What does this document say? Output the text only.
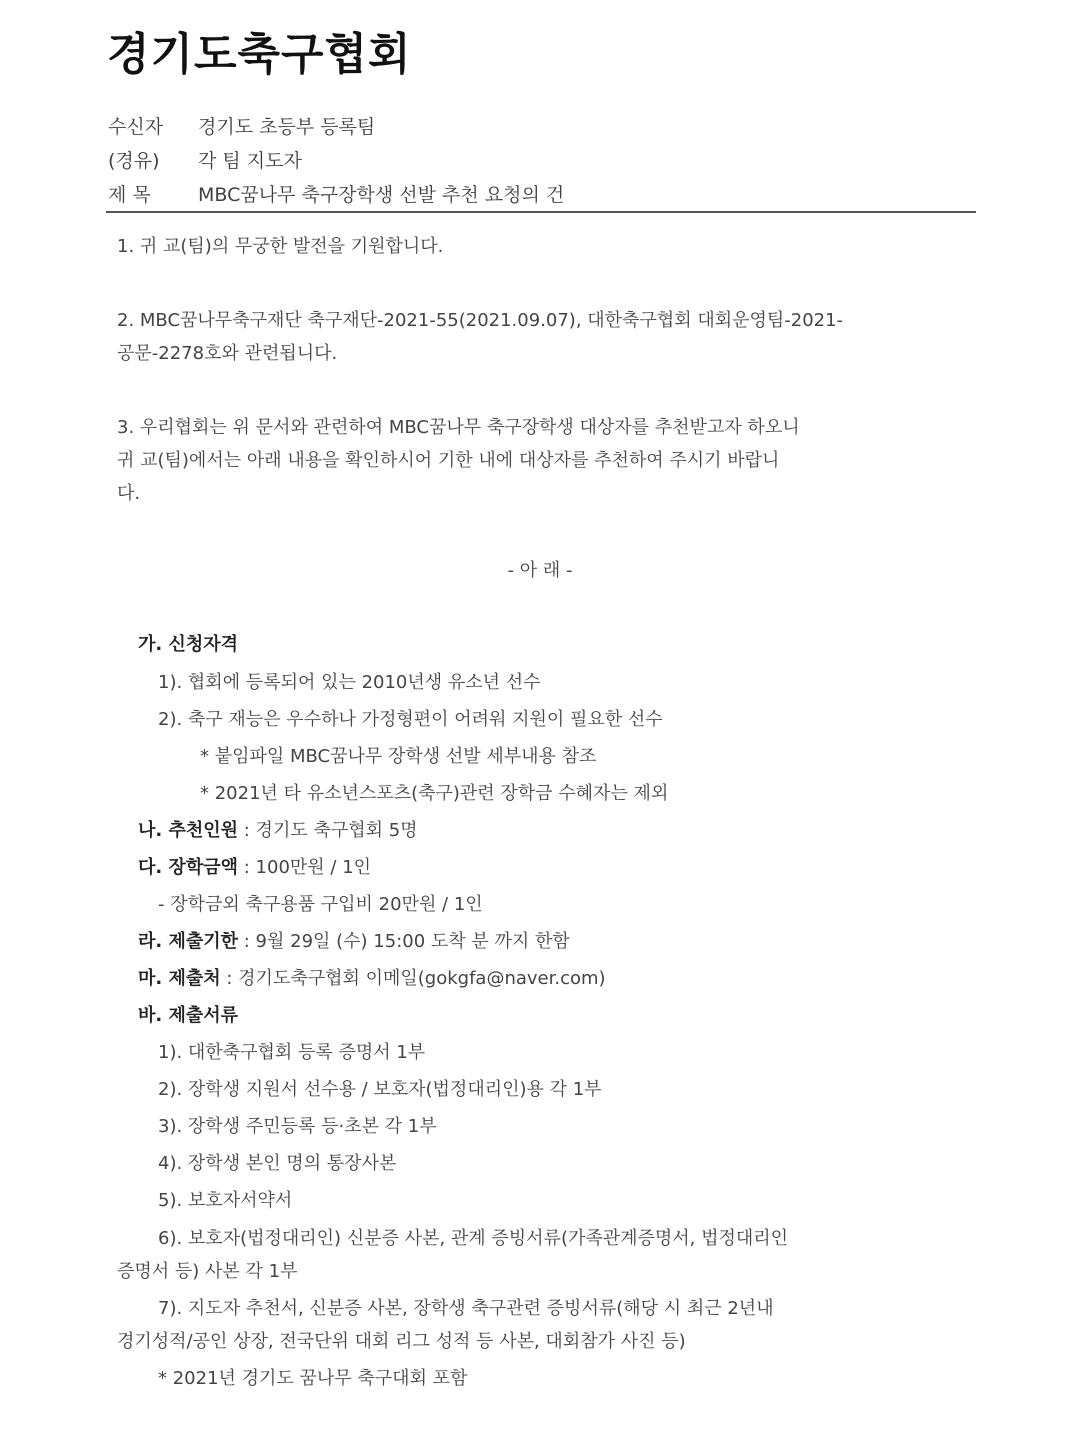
경기도축구협회
수신자 경기도 초등부 등록팀
(경유) 각 팀 지도자
제 목 MBC꿈나무 축구장학생 선발 추천 요청의 건
1. 귀 교(팀)의 무궁한 발전을 기원합니다.
2. MBC꿈나무축구재단 축구재단-2021-55(2021.09.07), 대한축구협회 대회운영팀-2021-
공문-2278호와 관련됩니다.
3. 우리협회는 위 문서와 관련하여 MBC꿈나무 축구장학생 대상자를 추천받고자 하오니
귀 교(팀)에서는 아래 내용을 확인하시어 기한 내에 대상자를 추천하여 주시기 바랍니
다.
- 아 래 -
가. 신청자격
1). 협회에 등록되어 있는 2010년생 유소년 선수
2). 축구 재능은 우수하나 가정형편이 어려워 지원이 필요한 선수
* 붙임파일 MBC꿈나무 장학생 선발 세부내용 참조
* 2021년 타 유소년스포츠(축구)관련 장학금 수혜자는 제외
나. 추천인원 : 경기도 축구협회 5명
다. 장학금액 : 100만원 / 1인
- 장학금외 축구용품 구입비 20만원 / 1인
라. 제출기한 : 9월 29일 (수) 15:00 도착 분 까지 한함
마. 제출처 : 경기도축구협회 이메일(gokgfa@naver.com)
바. 제출서류
1). 대한축구협회 등록 증명서 1부
2). 장학생 지원서 선수용 / 보호자(법정대리인)용 각 1부
3). 장학생 주민등록 등·초본 각 1부
4). 장학생 본인 명의 통장사본
5). 보호자서약서
6). 보호자(법정대리인) 신분증 사본, 관계 증빙서류(가족관계증명서, 법정대리인
증명서 등) 사본 각 1부
7). 지도자 추천서, 신분증 사본, 장학생 축구관련 증빙서류(해당 시 최근 2년내
경기성적/공인 상장, 전국단위 대회 리그 성적 등 사본, 대회참가 사진 등)
* 2021년 경기도 꿈나무 축구대회 포함
